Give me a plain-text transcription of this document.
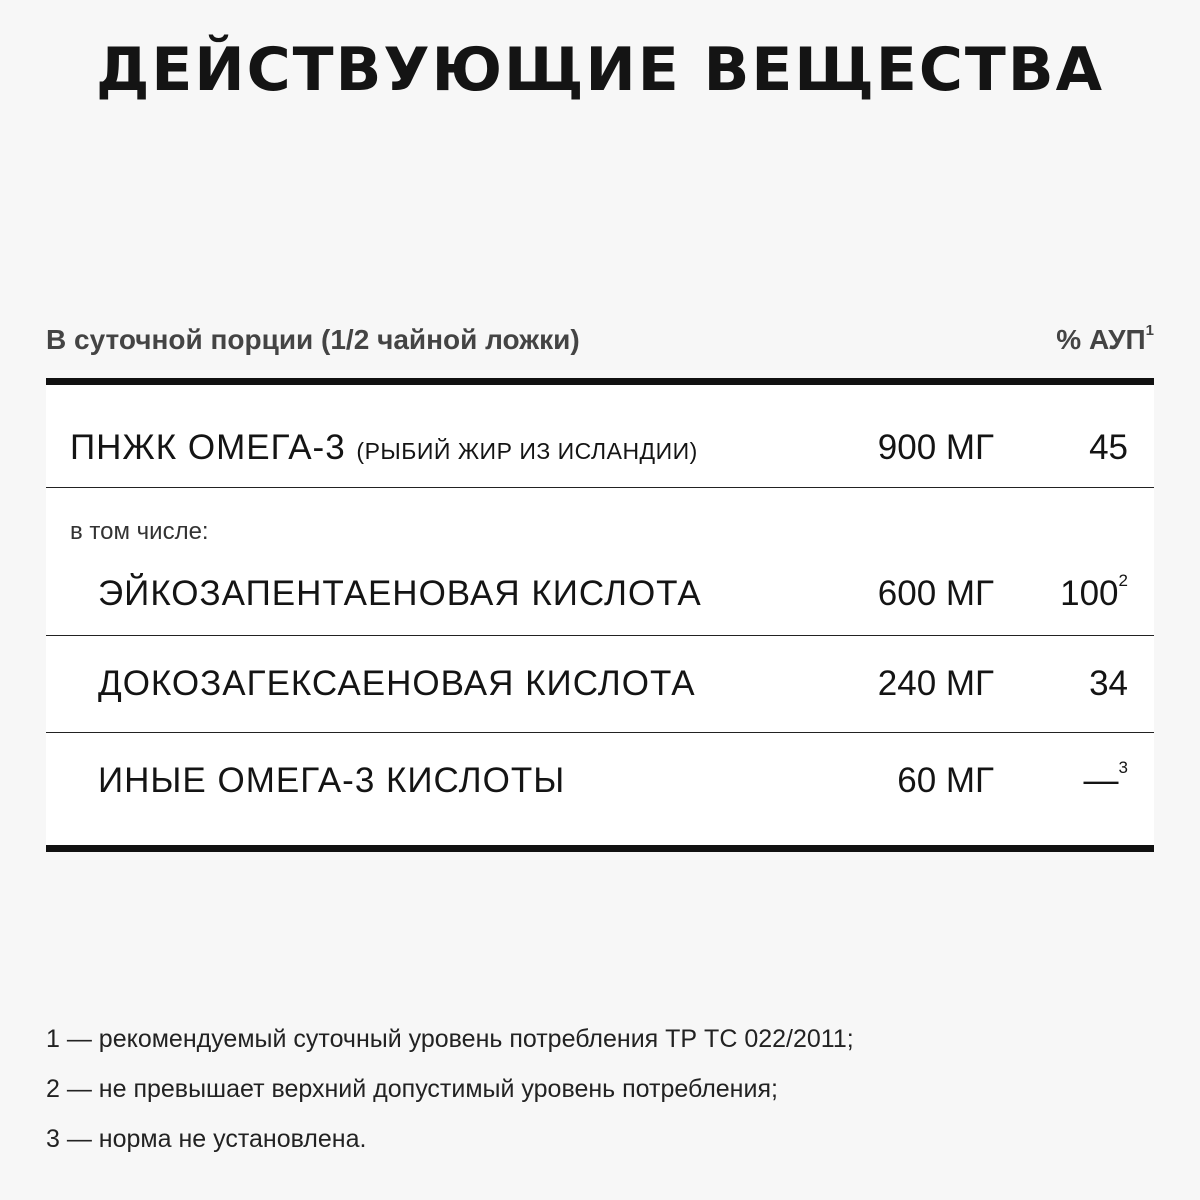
ДЕЙСТВУЮЩИЕ ВЕЩЕСТВА
В суточной порции (1/2 чайной ложки)	% АУП$^1$
ПНЖК ОМЕГА-3 (РЫБИЙ ЖИР ИЗ ИСЛАНДИИ)	900 МГ	45
в том числе:
ЭЙКОЗАПЕНТАЕНОВАЯ КИСЛОТА	600 МГ $100^2$
ДОКОЗАГЕКСАЕНОВАЯ КИСЛОТА	240 МГ	34
ИНЫЕ ОМЕГА-3 КИСЛОТЫ	60 МГ	—$^3$
1 — рекомендуемый суточный уровень потребления ТР ТС 022/2011;
2 — не превышает верхний допустимый уровень потребления;
3 — норма не установлена.
